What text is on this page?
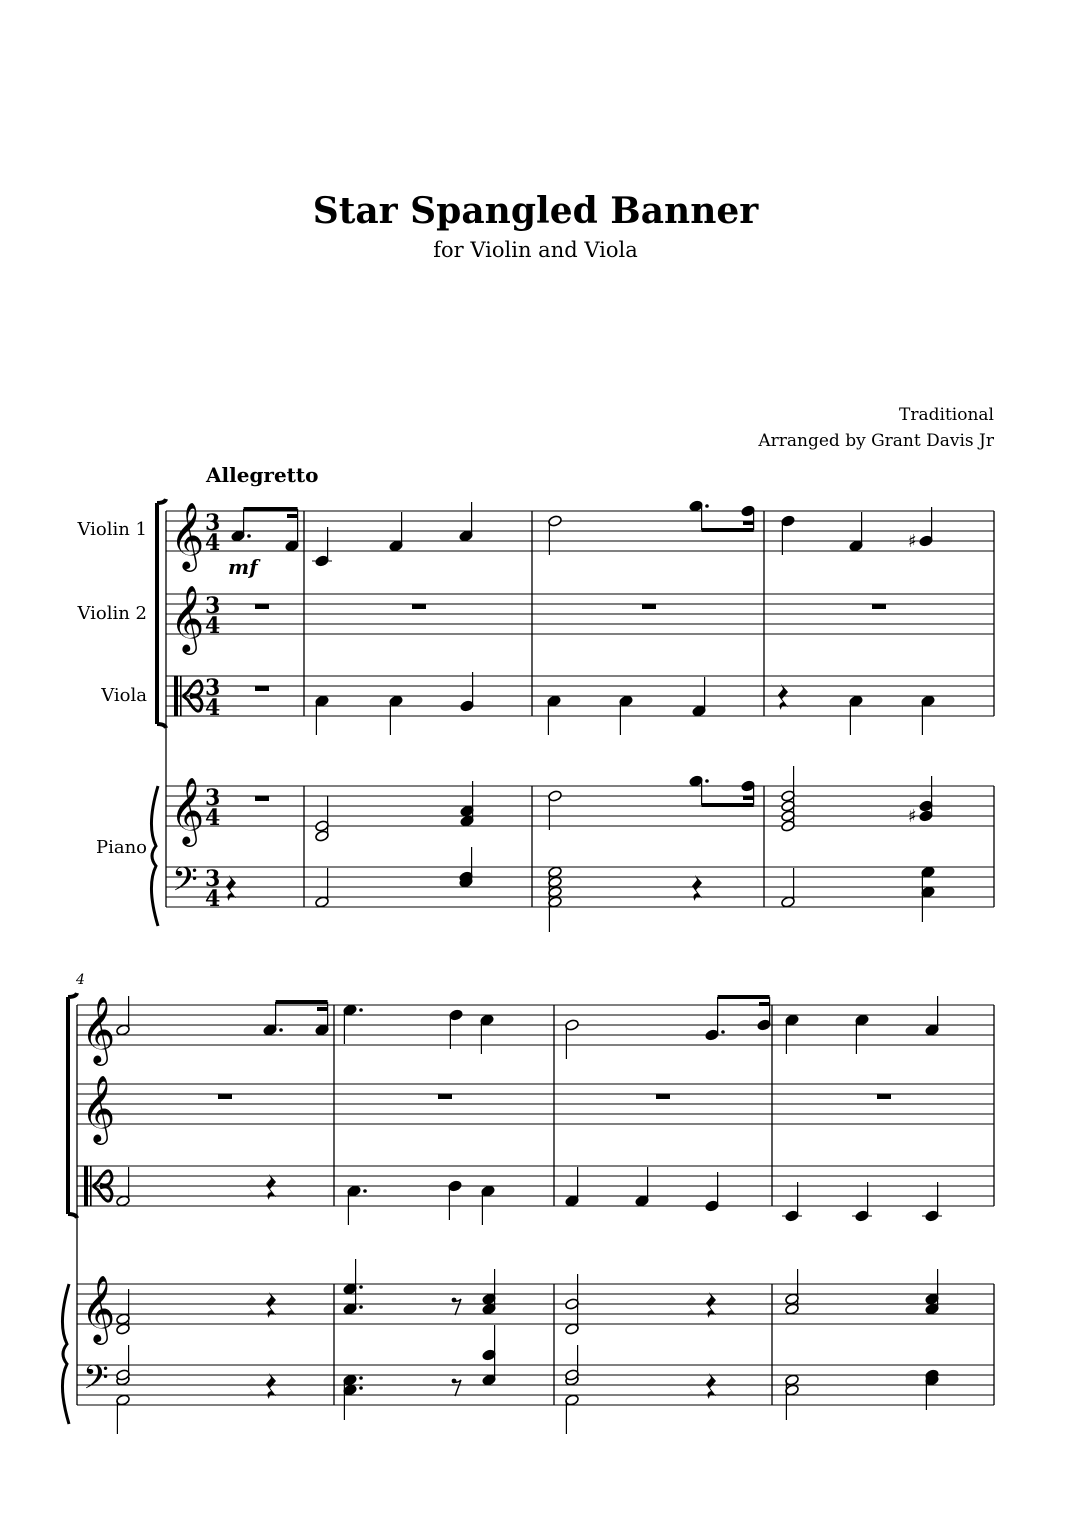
Star Spangled Banner
for Violin and Viola
Traditional
Arranged by Grant Davis Jr
Allegretto
Violin 1
Violin 2
Viola
Piano
4
mf
𝄞 3
4
𝄞 3
4
3
4
𝄞 3
4
𝄢 3
4
♯
♯
𝄞
𝄞
𝄞
𝄢
